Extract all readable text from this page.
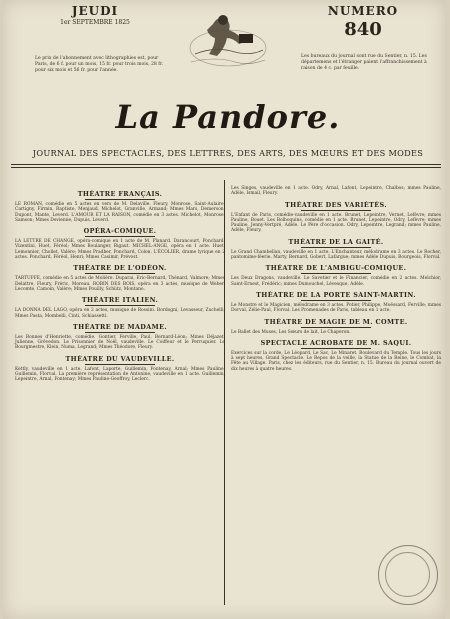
JEUDI
1er SEPTEMBRE 1825
NUMERO
840
Le prix de l'abonnement avec lithographies est, pour Paris, de 6 f. pour un mois, 15 fr. pour trois mois, 28 fr. pour six mois et 56 fr. pour l'année.
Les bureaux du journal sont rue du Sentier, n. 15. Les départemens et l'étranger paient l'affranchissement à raison de 4 c. par feuille.
La Pandore.
JOURNAL DES SPECTACLES, DES LETTRES, DES ARTS, DES MŒURS ET DES MODES
THÉATRE FRANÇAIS.
LE ROMAN, comédie en 5 actes en vers de M. Delaville. Fleury, Monrose, Saint-Aulaire, Cartigny, Firmin, Baptiste, Menjaud, Michelot, Granville, Armand; Mmes Mars, Demerson, Dupont, Mante, Leverd. L'AMOUR ET LA RAISON, comédie en 3 actes. Michelot, Monrose, Samson; Mmes Devienne, Dupuis, Leverd.
OPÉRA-COMIQUE.
LA LETTRE DE CHANGE, opéra-comique en 1 acte de M. Planard. Darancourt, Ponchard, Vizentini, Huet, Féréol; Mmes Boulanger, Rigaut. MICHEL-ANGE, opéra en 1 acte. Huet, Lemonnier, Chollet, Valère; Mmes Pradher, Ponchard, Colon. L'ÉCOLIER, drame lyrique en 2 actes. Ponchard, Féréol, Henri; Mmes Casimir, Prévost.
THÉATRE DE L'ODÉON.
TARTUFFE, comédie en 5 actes de Molière. Duparai, Eric-Bernard, Thénard, Valmore; Mmes Delattre, Fleury, Fréric, Moreau. ROBIN DES BOIS, opéra en 3 actes, musique de Weber. Lecomte, Camoin, Valère; Mmes Pouilly, Schütz, Montano.
THÉATRE ITALIEN.
LA DONNA DEL LAGO, opéra en 2 actes, musique de Rossini. Bordogni, Levasseur, Zuchelli; Mmes Pasta, Mombelli, Cinti, Schiassetti.
THÉATRE DE MADAME.
Les Bonnes d'Henriette, comédie. Gontier, Ferville, Paul, Bernard-Léon; Mmes Déjazet, Julienne, Grévedon. Le Prisonnier de Noël, vaudeville. Le Coiffeur et le Perruquier. Le Bourgmestre, Klein, Numa, Legrand; Mmes Théodore, Fleury.
THÉATRE DU VAUDEVILLE.
Kettly, vaudeville en 1 acte. Lafont, Laporte, Guillemin, Fontenay, Arnal; Mmes Pauline, Guillemin, Florval. La première représentation de Antonine, vaudeville en 1 acte. Guillemin, Lepeintre, Arnal, Fontenay; Mmes Pauline-Geoffroy, Leclerc.
Les Singes, vaudeville en 1 acte. Odry, Arnal, Lafont, Lepeintre, Chalbos; mmes Pauline, Adèle, Ismail, Fleury.
THÉATRE DES VARIÉTÉS.
L'Enfant de Paris, comédie-vaudeville en 1 acte. Brunet, Lepeintre, Vernet, Lefèvre; mmes Pauline, Bouet. Les Bolboquins, comédie en 1 acte. Brunet, Lepeintre, Odry, Lefèvre; mmes Pauline, Jenny-Vertpré, Adèle. Le Père d'occasion. Odry, Lepeintre, Legrand; mmes Pauline, Adèle, Fleury.
THÉATRE DE LA GAITÉ.
Le Grand Chambellan, vaudeville en 1 acte. L'Enchanteur, mélodrame en 3 actes. Le Rocher, pantomime-féerie. Marty, Bernard, Gobert, Lafargue; mmes Adèle Dupuis, Bourgeois, Florval.
THÉATRE DE L'AMBIGU-COMIQUE.
Les Deux Dragons, vaudeville. Le Savetier et le Financier, comédie en 2 actes. Melchior, Saint-Ernest, Frédéric; mmes Dumouchel, Lévesque, Adèle.
THÉATRE DE LA PORTE SAINT-MARTIN.
Le Monstre et le Magicien, mélodrame en 3 actes. Potier, Philippe, Moëssard, Ferville; mmes Dorval, Zélie-Paul, Florval. Les Promenades de Paris, tableau en 1 acte.
THÉATRE DE MAGIE DE M. COMTE.
Le Ballet des Muses, Les Sœurs de lait, Le Chaperon.
SPECTACLE ACROBATE DE M. SAQUI.
Exercices sur la corde, Le Léopard, Le Sac, Le Minaret. Boulevard du Temple. Tous les jours à sept heures, Grand Spectacle. Le Repos de la veille, la Statue de la Reine, le Combat, la Fête au Village. Paris, chez les éditeurs, rue du Sentier, n. 15. Bureau du journal ouvert de dix heures à quatre heures.
